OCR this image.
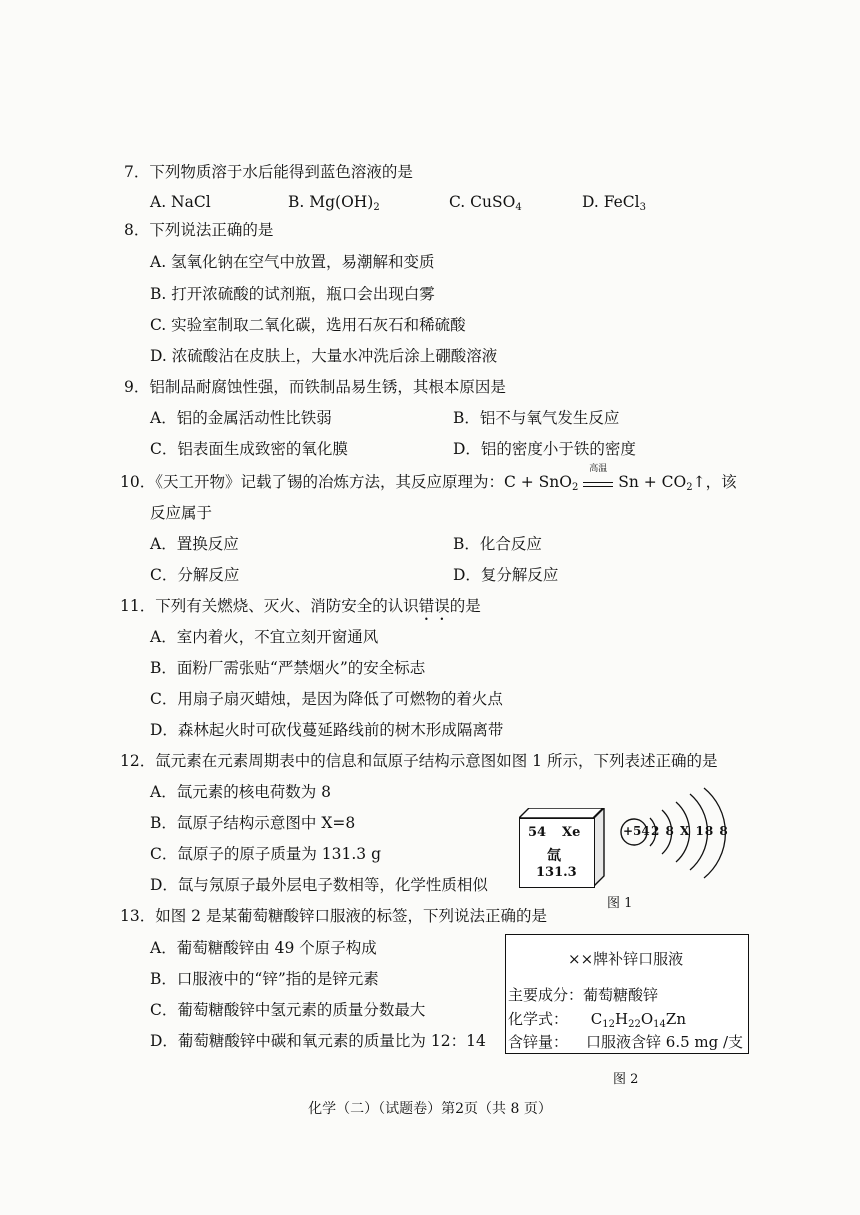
7．下列物质溶于水后能得到蓝色溶液的是
A. NaCl	B. $Mg(OH)_2$	C. CuSO$_4$	D. FeCl$_3$
8．下列说法正确的是
A. 氢氧化钠在空气中放置，易潮解和变质
B. 打开浓硫酸的试剂瓶，瓶口会出现白雾
C. 实验室制取二氧化碳，选用石灰石和稀硫酸
D. 浓硫酸沾在皮肤上，大量水冲洗后涂上硼酸溶液
9．铝制品耐腐蚀性强，而铁制品易生锈，其根本原因是
A．铝的金属活动性比铁弱	B．铝不与氧气发生反应
C．铝表面生成致密的氧化膜	D．铝的密度小于铁的密度
10．《天工开物》记载了锡的冶炼方法，其反应原理为：C + SnO$_2$
高温
$Sn + CO_2↑$，该
反应属于
A．置换反应	B．化合反应
C．分解反应	D．复分解反应
11．下列有关燃烧、灭火、消防安全的认识错误的是
A．室内着火，不宜立刻开窗通风
B．面粉厂需张贴“严禁烟火”的安全标志
C．用扇子扇灭蜡烛，是因为降低了可燃物的着火点
D．森林起火时可砍伐蔓延路线前的树木形成隔离带
12．氙元素在元素周期表中的信息和氙原子结构示意图如图 1 所示，下列表述正确的是
A．氙元素的核电荷数为 8
B．氙原子结构示意图中 X=8
C．氙原子的原子质量为 131.3 g
D．氙与氖原子最外层电子数相等，化学性质相似
54 Xe
氙
131.3
+54 2 8 X 18 8
图 1
13．如图 2 是某葡萄糖酸锌口服液的标签，下列说法正确的是
A．葡萄糖酸锌由 49 个原子构成
B．口服液中的“锌”指的是锌元素
C．葡萄糖酸锌中氢元素的质量分数最大
D．葡萄糖酸锌中碳和氧元素的质量比为 12：14
××牌补锌口服液
主要成分：葡萄糖酸锌
化学式： $C_{12}H_{22}O_{14}Zn$
含锌量： 口服液含锌 6.5 mg /支
图 2
化学（二）（试题卷）第2页（共 8 页）
